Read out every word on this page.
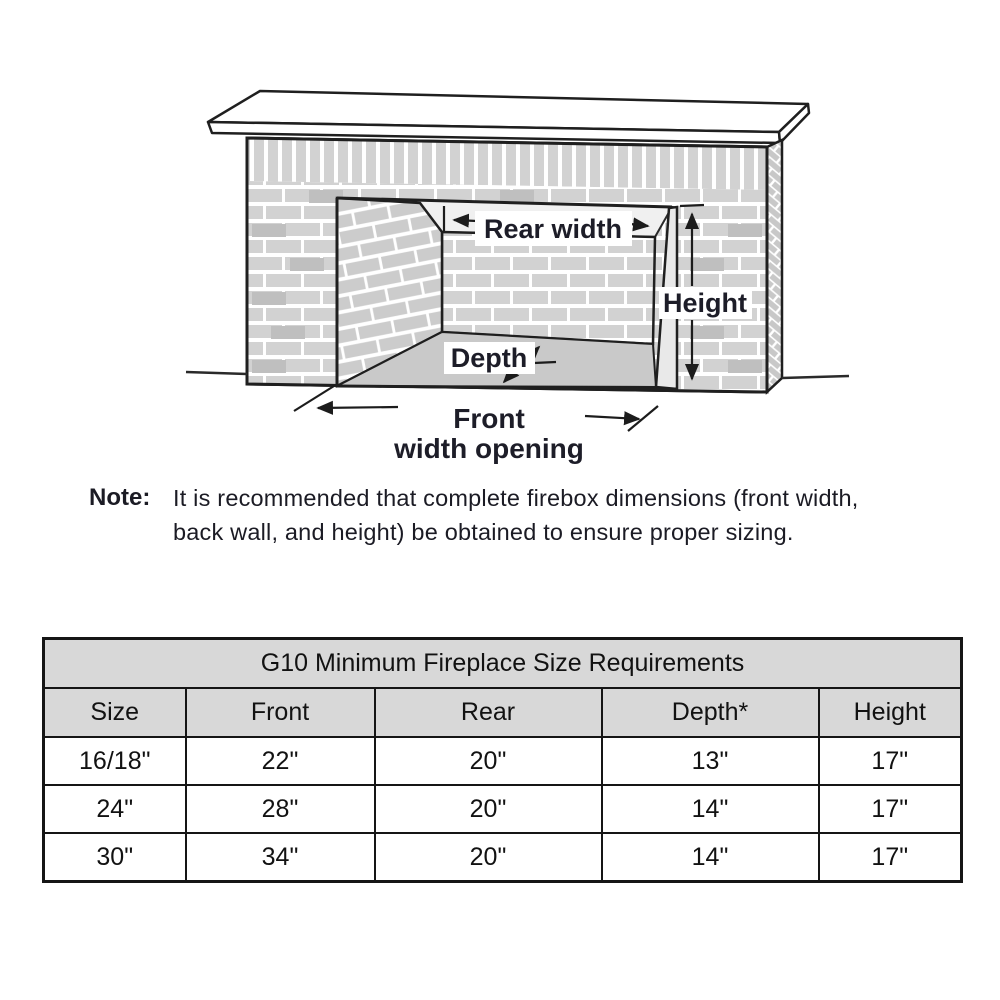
Rear width
Height
Depth
Front
width opening
Note: It is recommended that complete firebox dimensions (front width,
back wall, and height) be obtained to ensure proper sizing.
G10 Minimum Fireplace Size Requirements				
Size	Front	Rear	Depth*	Height
16/18"	22"	20"	13"	17"
24"	28"	20"	14"	17"
30"	34"	20"	14"	17"
